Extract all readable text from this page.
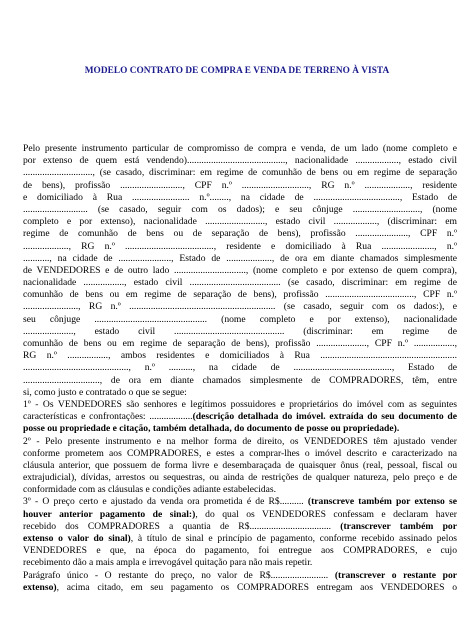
MODELO CONTRATO DE COMPRA E VENDA DE TERRENO À VISTA
Pelo presente instrumento particular de compromisso de compra e venda, de um lado (nome completo e
por extenso de quem está vendendo)........................................., nacionalidade .................., estado civil
............................., (se casado, discriminar: em regime de comunhão de bens ou em regime de separação
de bens), profissão .........................., CPF n.º ............................, RG n.º ..................., residente
e domiciliado à Rua ........................ n.º........, na cidade de ...................................., Estado de
........................... (se casado, seguir com os dados); e seu cônjuge ............................, (nome
completo e por extenso), nacionalidade ........................., estado civil .................., (discriminar: em
regime de comunhão de bens ou de separação de bens), profissão ......................, CPF n.º
..................., RG n.º ....................................., residente e domiciliado à Rua ......................, n.º
..........., na cidade de ......................, Estado de ..................., de ora em diante chamados simplesmente
de VENDEDORES e de outro lado .............................., (nome completo e por extenso de quem compra),
nacionalidade ................., estado civil ...................................... (se casado, discriminar: em regime de
comunhão de bens ou em regime de separação de bens), profissão ....................................., CPF n.º
......................., RG n.º ............................................................. (se casado, seguir com os dados:), e
seu cônjuge ............................................... (nome completo e por extenso), nacionalidade
....................., estado civil .............................................. (discriminar: em regime de
comunhão de bens ou em regime de separação de bens), profissão ....................., CPF n.º .................,
RG n.º ................., ambos residentes e domiciliados à Rua .........................................................
............................................, n.º .........., na cidade de ........................................., Estado de
................................, de ora em diante chamados simplesmente de COMPRADORES, têm, entre
si, como justo e contratado o que se segue:
1º - Os VENDEDORES são senhores e legítimos possuidores e proprietários do imóvel com as seguintes
características e confrontações: ..................(descrição detalhada do imóvel. extraída do seu documento de
posse ou propriedade e citação, também detalhada, do documento de posse ou propriedade).
2º - Pelo presente instrumento e na melhor forma de direito, os VENDEDORES têm ajustado vender
conforme prometem aos COMPRADORES, e estes a comprar-lhes o imóvel descrito e caracterizado na
cláusula anterior, que possuem de forma livre e desembaraçada de quaisquer ônus (real, pessoal, fiscal ou
extrajudicial), dívidas, arrestos ou sequestras, ou ainda de restrições de qualquer natureza, pelo preço e de
conformidade com as cláusulas e condições adiante estabelecidas.
3º - O preço certo e ajustado da venda ora prometida é de R$.......... (transcreve também por extenso se
houver anterior pagamento de sinal:), do qual os VENDEDORES confessam e declaram haver
recebido dos COMPRADORES a quantia de R$.................................. (transcrever também por
extenso o valor do sinal), à título de sinal e princípio de pagamento, conforme recebido assinado pelos
VENDEDORES e que, na época do pagamento, foi entregue aos COMPRADORES, e cujo
recebimento dão a mais ampla e irrevogável quitação para não mais repetir.
Parágrafo único - O restante do preço, no valor de R$........................ (transcrever o restante por
extenso), acima citado, em seu pagamento os COMPRADORES entregam aos VENDEDORES o
